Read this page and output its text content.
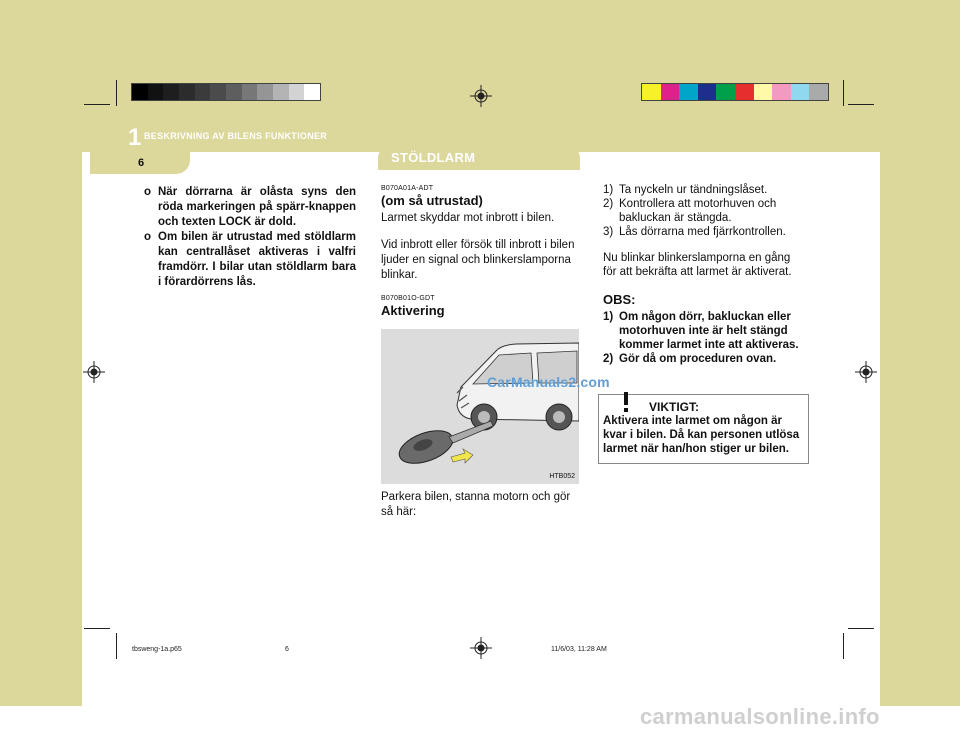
1 BESKRIVNING AV BILENS FUNKTIONER
6	STÖLDLARM
o När dörrarna är olåsta syns den röda markeringen på spärr-knappen och texten LOCK är dold.
o Om bilen är utrustad med stöldlarm kan centrallåset aktiveras i valfri framdörr. I bilar utan stöldlarm bara i förardörrens lås.
B070A01A-ADT
(om så utrustad)

Larmet skyddar mot inbrott i bilen.

Vid inbrott eller försök till inbrott i bilen ljuder en signal och blinkerslamporna blinkar.

B070B01O-GDT
Aktivering
HTB052
CarManuals2.com
Parkera bilen, stanna motorn och gör så här:
1) Ta nyckeln ur tändningslåset.
2) Kontrollera att motorhuven och bakluckan är stängda.
3) Lås dörrarna med fjärrkontrollen.

Nu blinkar blinkerslamporna en gång för att bekräfta att larmet är aktiverat.

OBS:
1) Om någon dörr, bakluckan eller motorhuven inte är helt stängd kommer larmet inte att aktiveras.
2) Gör då om proceduren ovan.
VIKTIGT:
Aktivera inte larmet om någon är kvar i bilen. Då kan personen utlösa larmet när han/hon stiger ur bilen.
tbsweng-1a.p65	6	11/6/03, 11:28 AM
carmanualsonline.info
